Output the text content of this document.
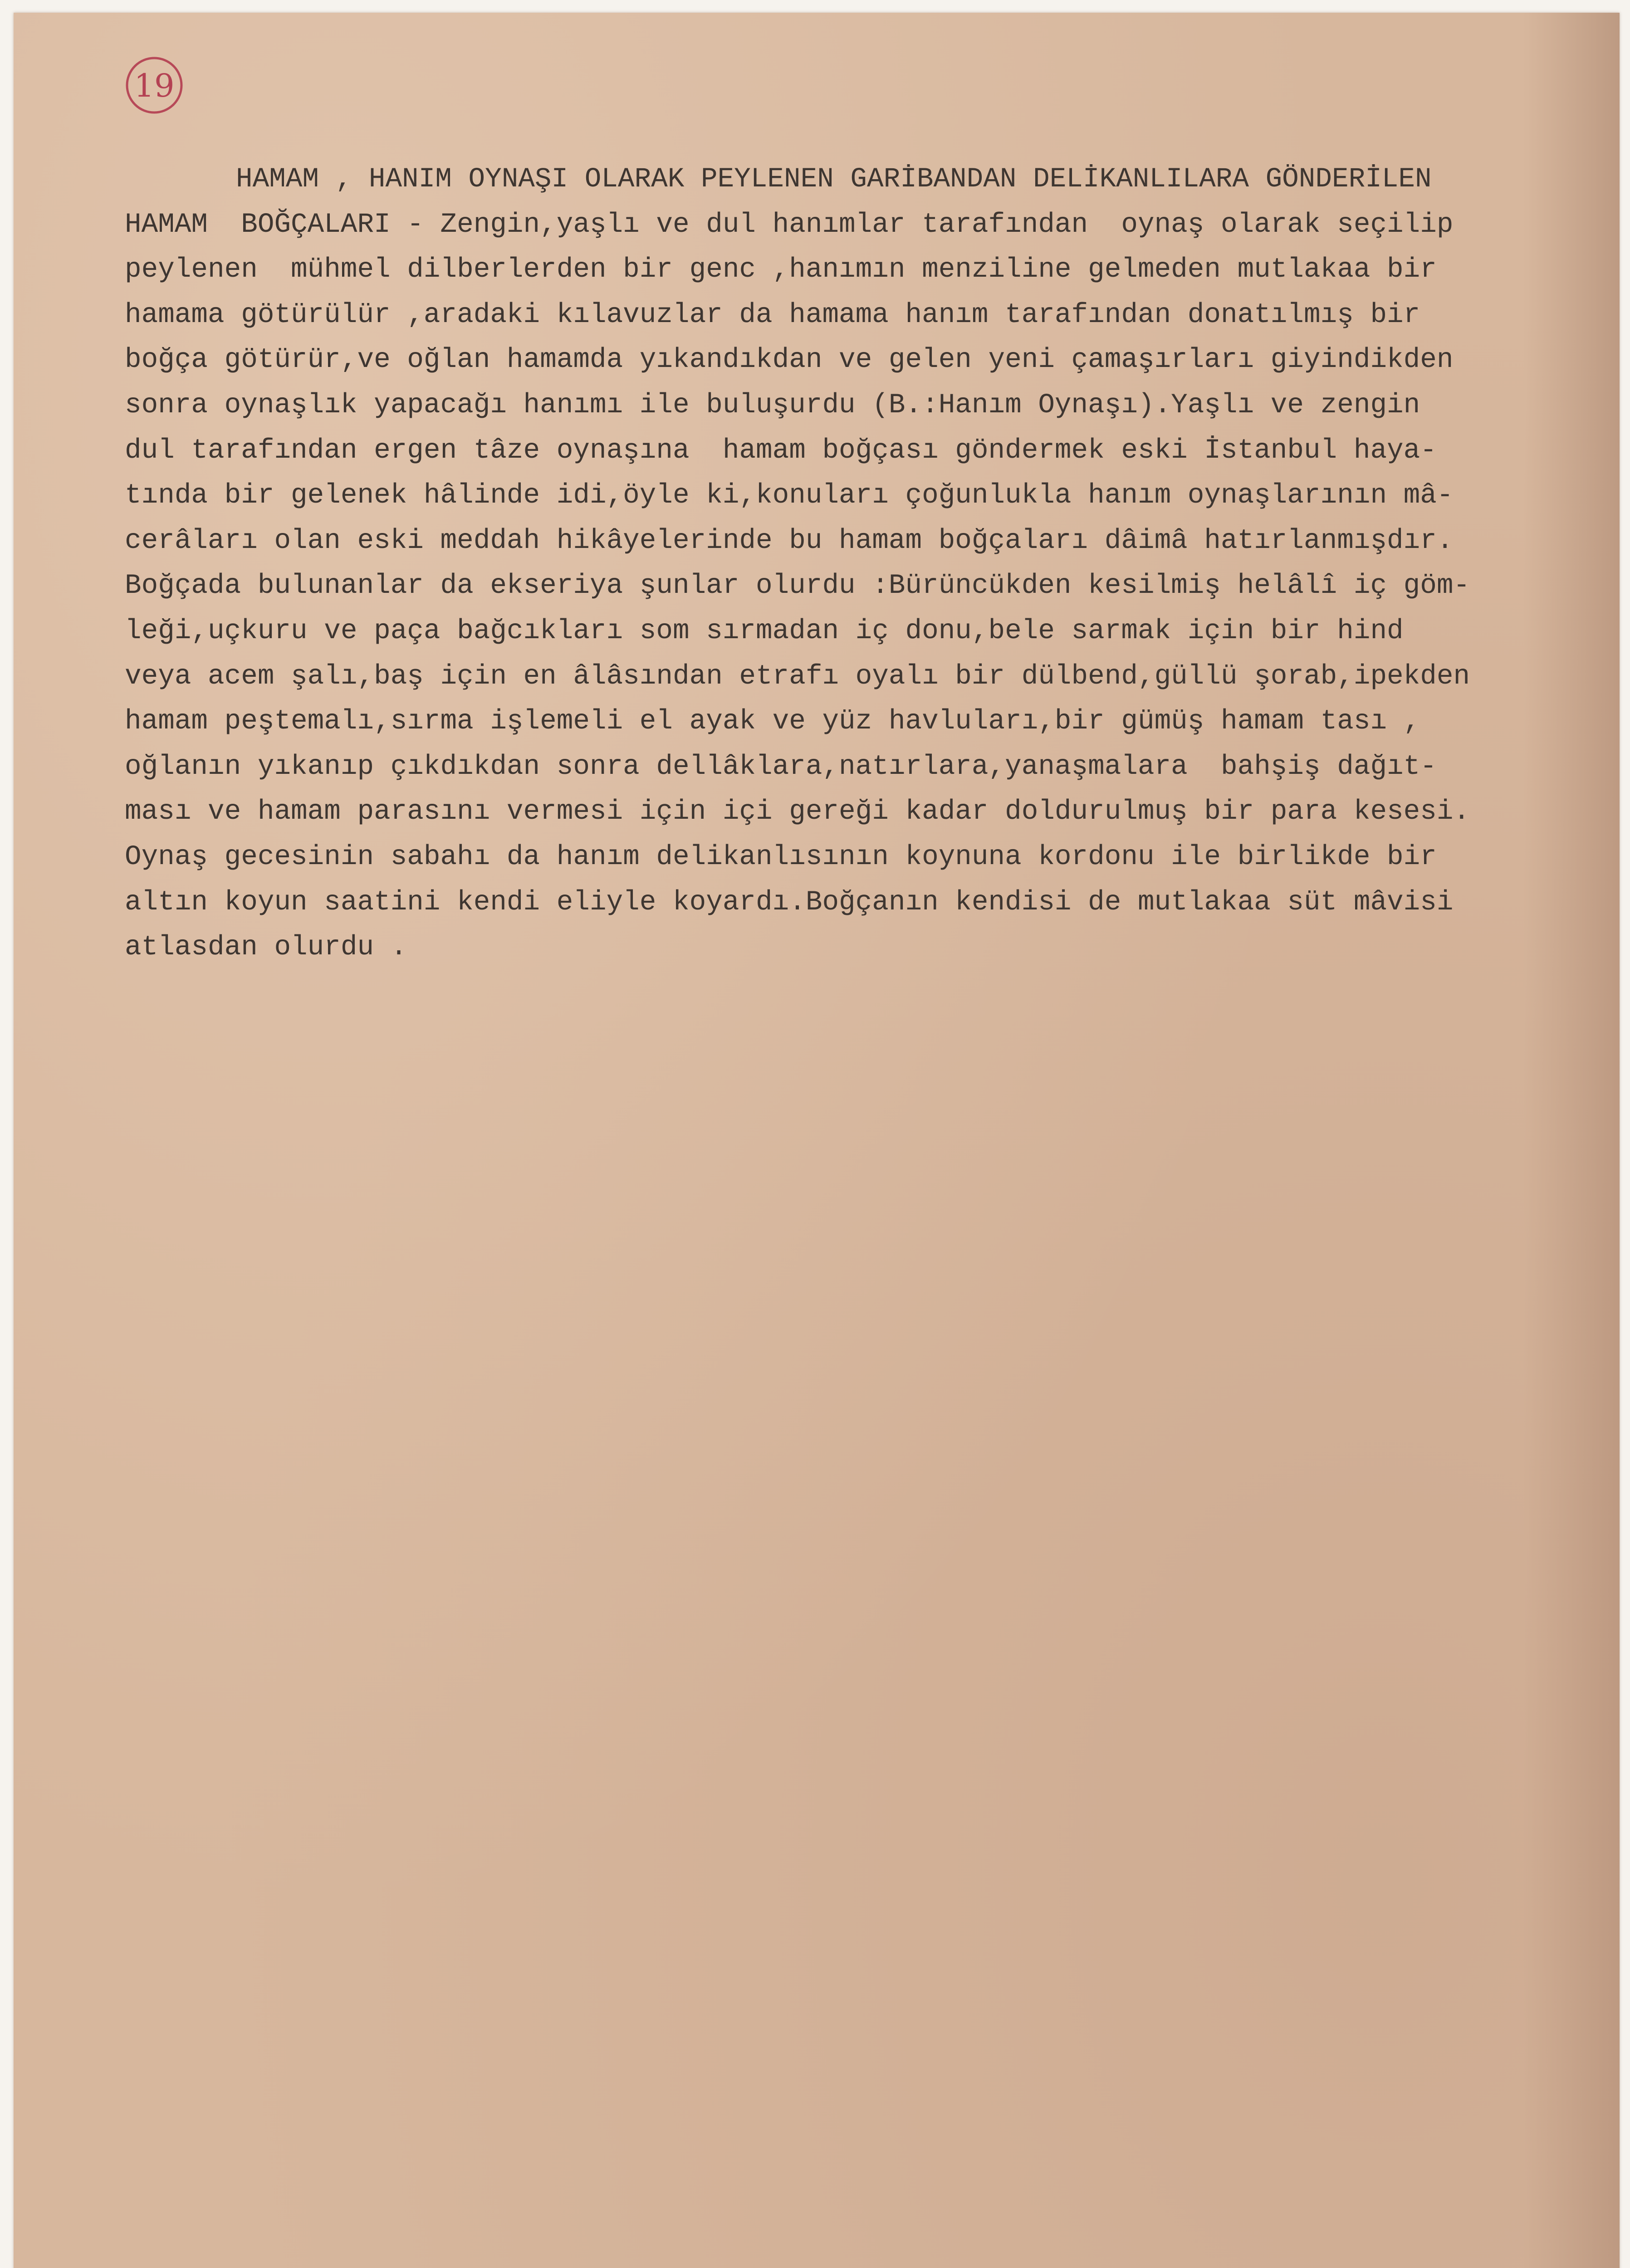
19
HAMAM , HANIM OYNAŞI OLARAK PEYLENEN GARİBANDAN DELİKANLILARA GÖNDERİLEN
HAMAM  BOĞÇALARI - Zengin,yaşlı ve dul hanımlar tarafından  oynaş olarak seçilip
peylenen  mühmel dilberlerden bir genc ,hanımın menziline gelmeden mutlakaa bir
hamama götürülür ,aradaki kılavuzlar da hamama hanım tarafından donatılmış bir
boğça götürür,ve oğlan hamamda yıkandıkdan ve gelen yeni çamaşırları giyindikden
sonra oynaşlık yapacağı hanımı ile buluşurdu (B.:Hanım Oynaşı).Yaşlı ve zengin
dul tarafından ergen tâze oynaşına  hamam boğçası göndermek eski İstanbul haya-
tında bir gelenek hâlinde idi,öyle ki,konuları çoğunlukla hanım oynaşlarının mâ-
cerâları olan eski meddah hikâyelerinde bu hamam boğçaları dâimâ hatırlanmışdır.
Boğçada bulunanlar da ekseriya şunlar olurdu :Bürüncükden kesilmiş helâlî iç göm-
leği,uçkuru ve paça bağcıkları som sırmadan iç donu,bele sarmak için bir hind
veya acem şalı,baş için en âlâsından etrafı oyalı bir dülbend,güllü şorab,ipekden
hamam peştemalı,sırma işlemeli el ayak ve yüz havluları,bir gümüş hamam tası ,
oğlanın yıkanıp çıkdıkdan sonra dellâklara,natırlara,yanaşmalara  bahşiş dağıt-
ması ve hamam parasını vermesi için içi gereği kadar doldurulmuş bir para kesesi.
Oynaş gecesinin sabahı da hanım delikanlısının koynuna kordonu ile birlikde bir
altın koyun saatini kendi eliyle koyardı.Boğçanın kendisi de mutlakaa süt mâvisi
atlasdan olurdu .
